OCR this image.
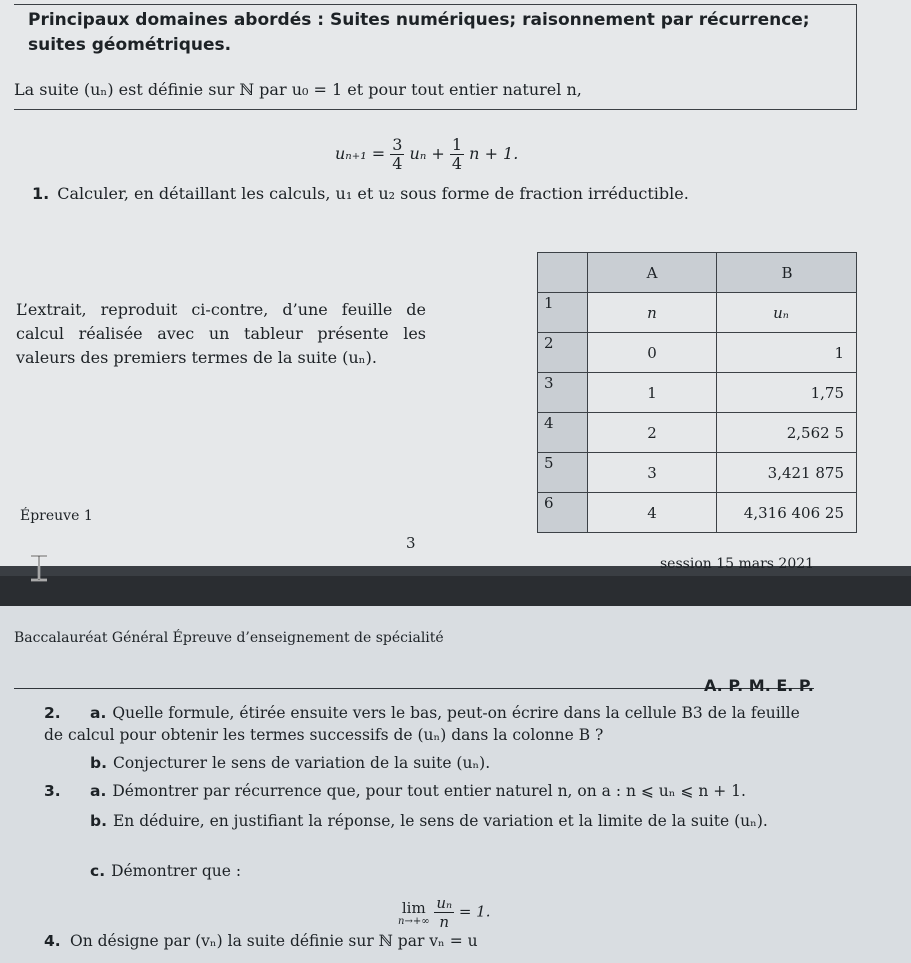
Principaux domaines abordés : Suites numériques; raisonnement par récurrence; suites géométriques.
La suite (uₙ) est définie sur ℕ par u₀ = 1 et pour tout entier naturel n,
$u_{n+1} = \frac{3}{4}$ $u_n + \frac{1}{4}$ n + 1.
1. Calculer, en détaillant les calculs, u₁ et u₂ sous forme de fraction irréductible.
L’extrait, reproduit ci-contre, d’une feuille de calcul réalisée avec un tableur présente les valeurs des premiers termes de la suite (uₙ).
	A	B
1	n	uₙ
2	0	1
3	1	1,75
4	2	2,562 5
5	3	3,421 875
6	4	4,316 406 25
Épreuve 1
3
session 15 mars 2021
Baccalauréat Général Épreuve d’enseignement de spécialité
A. P. M. E. P.
2. a. Quelle formule, étirée ensuite vers le bas, peut-on écrire dans la cellule B3 de la feuille de calcul pour obtenir les termes successifs de (uₙ) dans la colonne B ?
b. Conjecturer le sens de variation de la suite (uₙ).
3. a. Démontrer par récurrence que, pour tout entier naturel n, on a : n ⩽ uₙ ⩽ n + 1.
b. En déduire, en justifiant la réponse, le sens de variation et la limite de la suite (uₙ).
c. Démontrer que :
lim
n→+∞
$\frac{\text{uₙ}}{n} = 1$.
4. On désigne par (vₙ) la suite définie sur ℕ par vₙ = u
